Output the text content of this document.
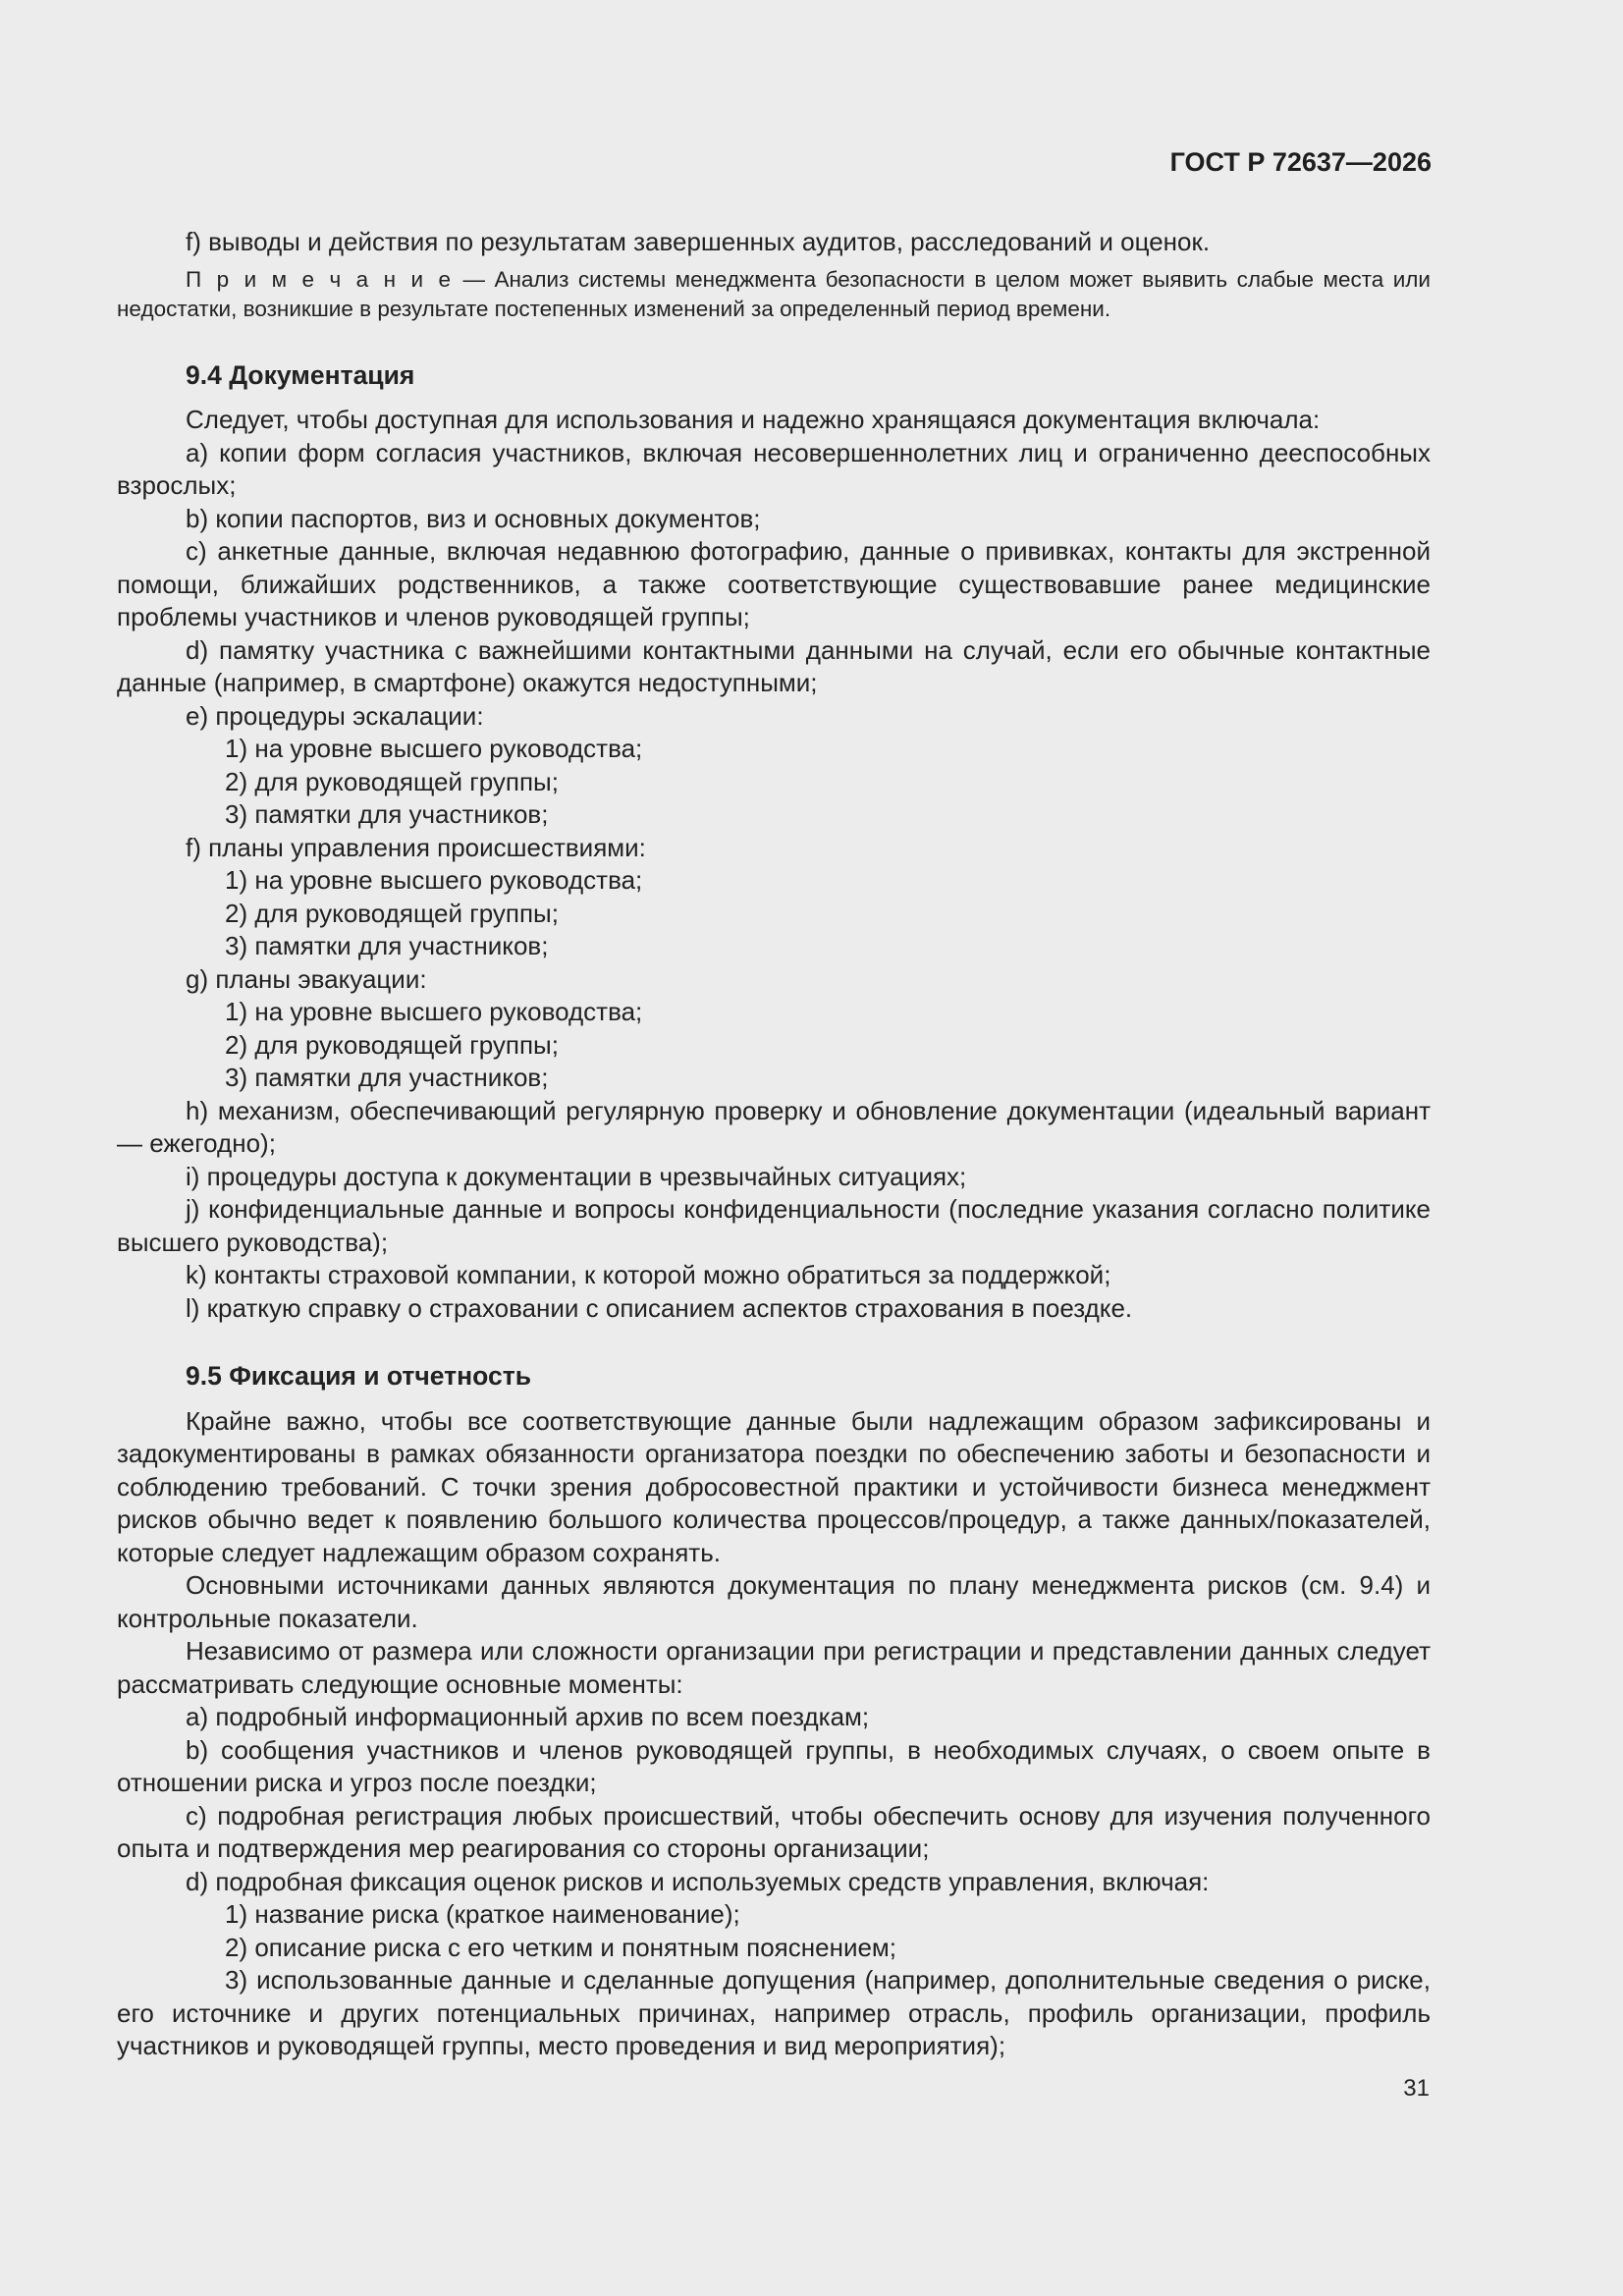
ГОСТ Р 72637—2026

f) выводы и действия по результатам завершенных аудитов, расследований и оценок.

П р и м е ч а н и е — Анализ системы менеджмента безопасности в целом может выявить слабые места или недостатки, возникшие в результате постепенных изменений за определенный период времени.

9.4 Документация

Следует, чтобы доступная для использования и надежно хранящаяся документация включала:

a) копии форм согласия участников, включая несовершеннолетних лиц и ограниченно дееспособных взрослых;

b) копии паспортов, виз и основных документов;

c) анкетные данные, включая недавнюю фотографию, данные о прививках, контакты для экстренной помощи, ближайших родственников, а также соответствующие существовавшие ранее медицинские проблемы участников и членов руководящей группы;

d) памятку участника с важнейшими контактными данными на случай, если его обычные контактные данные (например, в смартфоне) окажутся недоступными;

e) процедуры эскалации:

1) на уровне высшего руководства;

2) для руководящей группы;

3) памятки для участников;

f) планы управления происшествиями:

1) на уровне высшего руководства;

2) для руководящей группы;

3) памятки для участников;

g) планы эвакуации:

1) на уровне высшего руководства;

2) для руководящей группы;

3) памятки для участников;

h) механизм, обеспечивающий регулярную проверку и обновление документации (идеальный вариант — ежегодно);

i) процедуры доступа к документации в чрезвычайных ситуациях;

j) конфиденциальные данные и вопросы конфиденциальности (последние указания согласно политике высшего руководства);

k) контакты страховой компании, к которой можно обратиться за поддержкой;

l) краткую справку о страховании с описанием аспектов страхования в поездке.

9.5 Фиксация и отчетность

Крайне важно, чтобы все соответствующие данные были надлежащим образом зафиксированы и задокументированы в рамках обязанности организатора поездки по обеспечению заботы и безопасности и соблюдению требований. С точки зрения добросовестной практики и устойчивости бизнеса менеджмент рисков обычно ведет к появлению большого количества процессов/процедур, а также данных/показателей, которые следует надлежащим образом сохранять.

Основными источниками данных являются документация по плану менеджмента рисков (см. 9.4) и контрольные показатели.

Независимо от размера или сложности организации при регистрации и представлении данных следует рассматривать следующие основные моменты:

a) подробный информационный архив по всем поездкам;

b) сообщения участников и членов руководящей группы, в необходимых случаях, о своем опыте в отношении риска и угроз после поездки;

c) подробная регистрация любых происшествий, чтобы обеспечить основу для изучения полученного опыта и подтверждения мер реагирования со стороны организации;

d) подробная фиксация оценок рисков и используемых средств управления, включая:

1) название риска (краткое наименование);

2) описание риска с его четким и понятным пояснением;

3) использованные данные и сделанные допущения (например, дополнительные сведения о риске, его источнике и других потенциальных причинах, например отрасль, профиль организации, профиль участников и руководящей группы, место проведения и вид мероприятия);

31
